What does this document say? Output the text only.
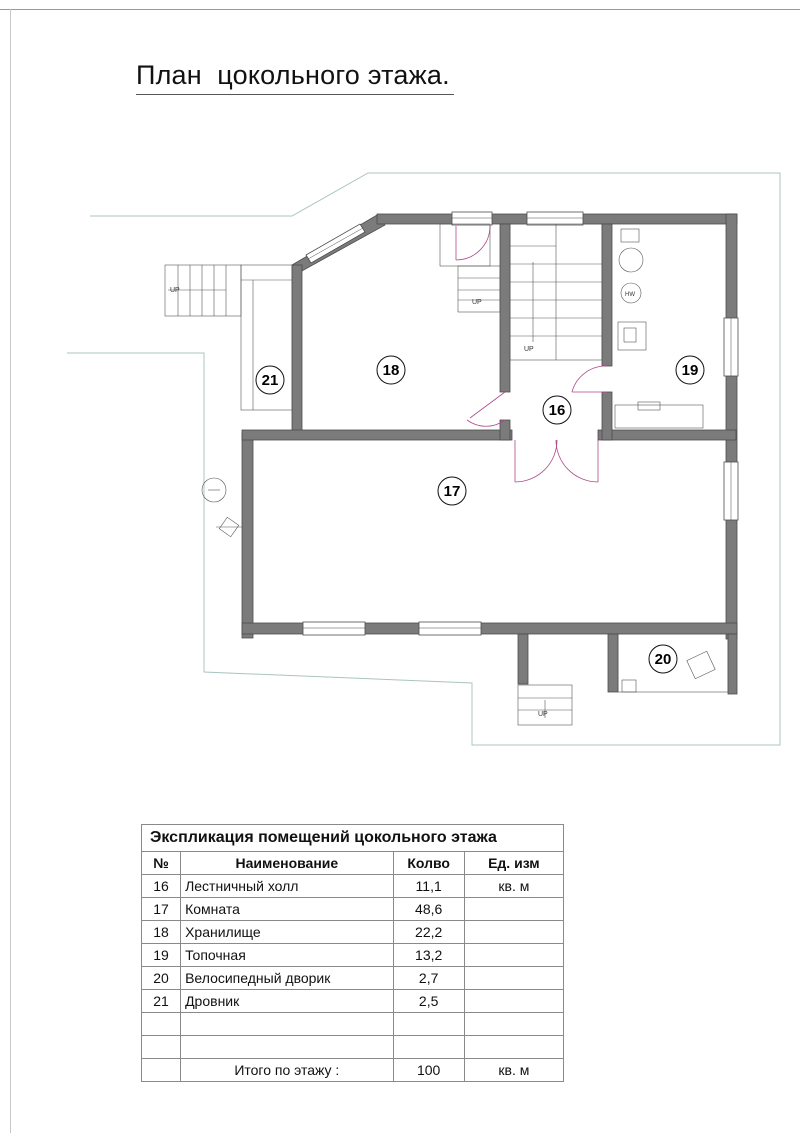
План  цокольного этажа.
UP
UP
UP
UP
HW
21
18
16
19
17
20
Экспликация помещений цокольного этажа			
№	Наименование	Колво	Ед. изм
16	Лестничный холл	11,1	кв. м
17	Комната	48,6	
18	Хранилище	22,2	
19	Топочная	13,2	
20	Велосипедный дворик	2,7	
21	Дровник	2,5	

	Итого по этажу :	100	кв. м
